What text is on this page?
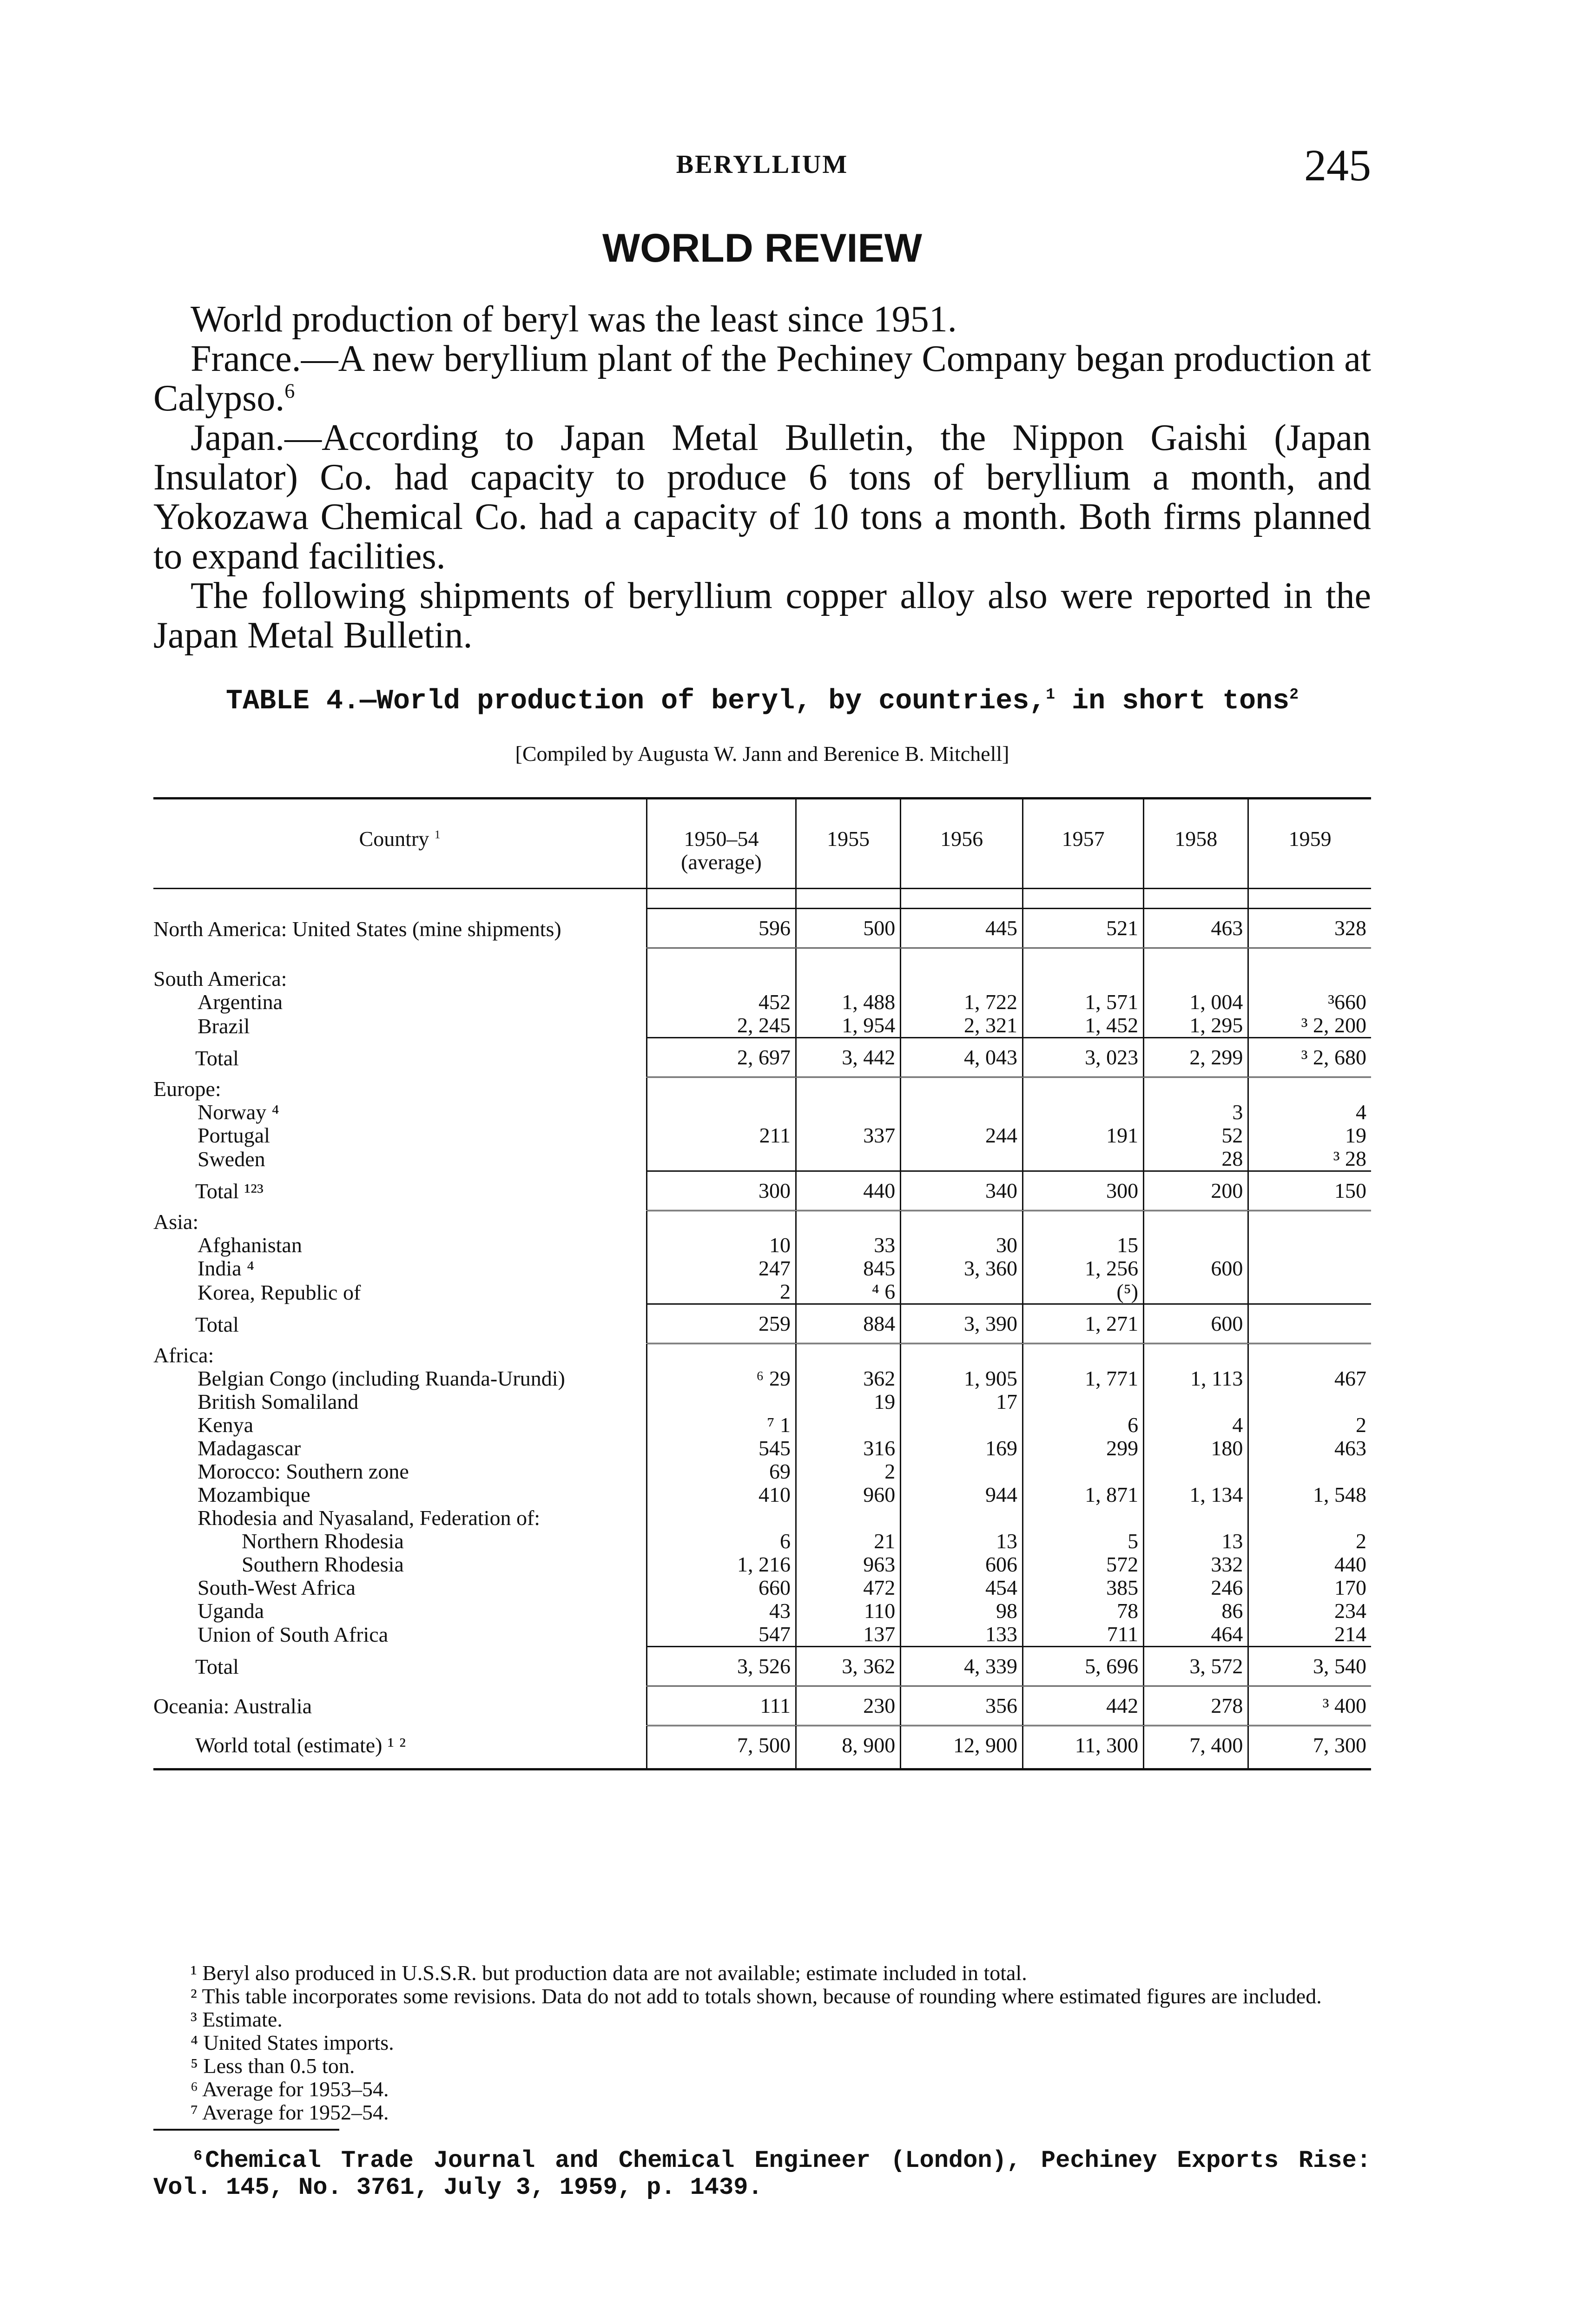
BERYLLIUM	245
WORLD REVIEW

World production of beryl was the least since 1951.

France.—A new beryllium plant of the Pechiney Company began production at Calypso.$^6$

Japan.—According to Japan Metal Bulletin, the Nippon Gaishi (Japan Insulator) Co. had capacity to produce 6 tons of beryllium a month, and Yokozawa Chemical Co. had a capacity of 10 tons a month. Both firms planned to expand facilities.

The following shipments of beryllium copper alloy also were reported in the Japan Metal Bulletin.

TABLE 4.—World production of beryl, by countries,$^1$ in short tons$^2$
[Compiled by Augusta W. Jann and Berenice B. Mitchell]
Country $^1$	1950–54
(average)	1955	1956	1957	1958	1959

North America: United States (mine shipments)	596	500	445	521	463	328

South America:						
Argentina	452	1, 488	1, 722	1, 571	1, 004	³660
Brazil	2, 245	1, 954	2, 321	1, 452	1, 295	³ 2, 200
Total	2, 697	3, 442	4, 043	3, 023	2, 299	³ 2, 680
Europe:						
Norway ⁴					3	4
Portugal	211	337	244	191	52	19
Sweden					28	³ 28
Total ¹²³	300	440	340	300	200	150
Asia:						
Afghanistan	10	33	30	15		
India ⁴	247	845	3, 360	1, 256	600	
Korea, Republic of	2	⁴ 6		(⁵)		
Total	259	884	3, 390	1, 271	600	
Africa:						
Belgian Congo (including Ruanda-Urundi)	⁶ 29	362	1, 905	1, 771	1, 113	467
British Somaliland		19	17			
Kenya	⁷ 1			6	4	2
Madagascar	545	316	169	299	180	463
Morocco: Southern zone	69	2				
Mozambique	410	960	944	1, 871	1, 134	1, 548
Rhodesia and Nyasaland, Federation of:						
Northern Rhodesia	6	21	13	5	13	2
Southern Rhodesia	1, 216	963	606	572	332	440
South-West Africa	660	472	454	385	246	170
Uganda	43	110	98	78	86	234
Union of South Africa	547	137	133	711	464	214
Total	3, 526	3, 362	4, 339	5, 696	3, 572	3, 540
Oceania: Australia	111	230	356	442	278	³ 400
World total (estimate) ¹ ²	7, 500	8, 900	12, 900	11, 300	7, 400	7, 300

¹ Beryl also produced in U.S.S.R. but production data are not available; estimate included in total.

² This table incorporates some revisions. Data do not add to totals shown, because of rounding where estimated figures are included.

³ Estimate.

⁴ United States imports.

⁵ Less than 0.5 ton.

⁶ Average for 1953–54.

⁷ Average for 1952–54.

⁶Chemical Trade Journal and Chemical Engineer (London), Pechiney Exports Rise: Vol. 145, No. 3761, July 3, 1959, p. 1439.
